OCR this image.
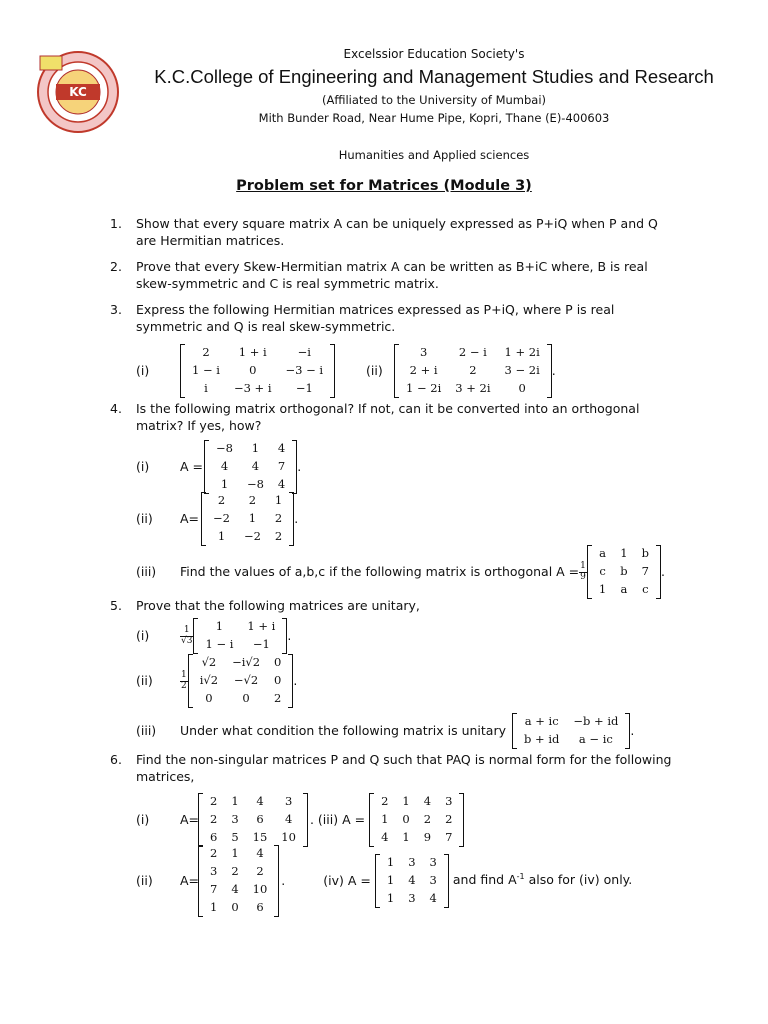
KC
Excelssior Education Society's
K.C.College of Engineering and Management Studies and Research
(Affiliated to the University of Mumbai)
Mith Bunder Road, Near Hume Pipe, Kopri, Thane (E)-400603
Humanities and Applied sciences
Problem set for Matrices (Module 3)
1. Show that every square matrix A can be uniquely expressed as P+iQ when P and Q are Hermitian matrices.
2. Prove that every Skew-Hermitian matrix A can be written as B+iC where, B is real skew-symmetric and C is real symmetric matrix.
3. Express the following Hermitian matrices expressed as P+iQ, where P is real symmetric and Q is real skew-symmetric.
(i)
2	1 + i	−i
1 − i	0	−3 − i
i	−3 + i	−1
(ii)
3	2 − i	1 + 2i
2 + i	2	3 − 2i
1 − 2i	3 + 2i	0
.
4. Is the following matrix orthogonal? If not, can it be converted into an orthogonal matrix? If yes, how?
(i)	A =
−8	1	4
4	4	7
1	−8	4
.
(ii)	A=
2	2	1
−2	1	2
1	−2	2
.
(iii)	Find the values of a,b,c if the following matrix is orthogonal $A = \frac{1}{9}$
a	1	b
c	b	7
1	a	c
.
5. Prove that the following matrices are unitary,
(i)	$\frac{1}{√3} 1$	1 + i
1 − i	−1
.
(ii)	$\frac{1}{2}$
√2	−i√2	0
i√2	−√2	0
0	0	2
.
(iii)	Under what condition the following matrix is unitary
a + ic	−b + id
b + id	a − ic
.
6. Find the non-singular matrices P and Q such that PAQ is normal form for the following matrices,
(i)	A=
2	1	4	3
2	3	6	4
6	5	15	10
. (iii) A =
2	1	4	3
1	0	2	2
4	1	9	7
(ii)	A=
2	1	4
3	2	2
7	4	10
1	0	6
.	(iv) A =
1	3	3
1	4	3
1	3	4
and find $A^{-1}$ also for (iv) only.
